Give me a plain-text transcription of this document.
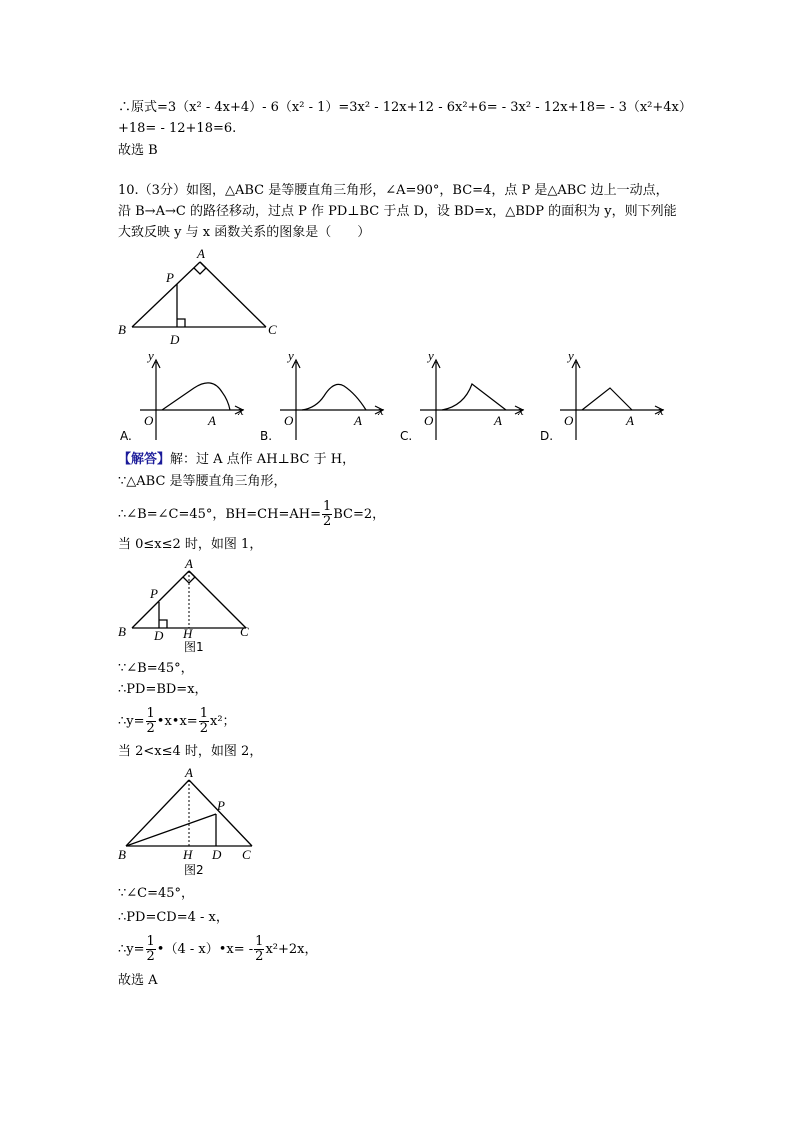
∴原式=3（x² - 4x+4）- 6（x² - 1）=3x² - 12x+12 - 6x²+6= - 3x² - 12x+18= - 3（x²+4x）
+18= - 12+18=6.
故选 B
10.（3分）如图，△ABC 是等腰直角三角形，∠A=90°，BC=4，点 P 是△ABC 边上一动点，
沿 B→A→C 的路径移动，过点 P 作 PD⊥BC 于点 D，设 BD=x，△BDP 的面积为 y，则下列能
大致反映 y 与 x 函数关系的图象是（　　）
A
B	C
P
D
y
x
O	A
A.
y
x
O	A
B.
y
x
O	A
C.
y
x
O	A
D.
【解答】解：过 A 点作 AH⊥BC 于 H，
∵△ABC 是等腰直角三角形，
∴∠B=∠C=45°，$BH=CH=AH= \frac{1}{2} BC=2$，
当 0≤x≤2 时，如图 1，
A
B	C
P
D H
图1
∵∠B=45°，
∴PD=BD=x，
∴y= $\frac{1}{2}$ •x•x= $\frac{1}{2} x^2$；
当 2<x≤4 时，如图 2，
A
B	C
P
D
H
图2
∵∠C=45°，
∴PD=CD=4 - x，
∴y= $\frac{1}{2}$ •（4 - x）•x= - $\frac{1}{2} x^2+2x$，
故选 A
